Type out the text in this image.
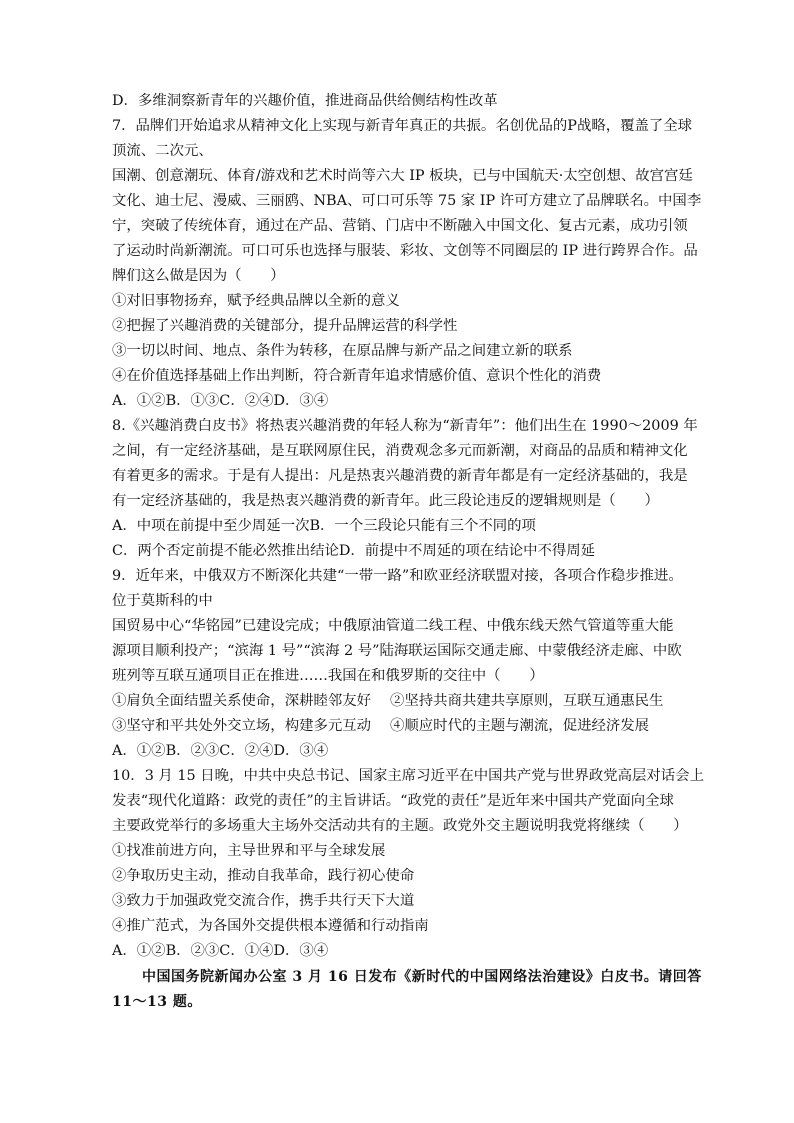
D．多维洞察新青年的兴趣价值，推进商品供给侧结构性改革
7．品牌们开始追求从精神文化上实现与新青年真正的共振。名创优品的P战略，覆盖了全球
顶流、二次元、
国潮、创意潮玩、体育/游戏和艺术时尚等六大 IP 板块，已与中国航天·太空创想、故宫宫廷
文化、迪士尼、漫威、三丽鸥、NBA、可口可乐等 75 家 IP 许可方建立了品牌联名。中国李
宁，突破了传统体育，通过在产品、营销、门店中不断融入中国文化、复古元素，成功引领
了运动时尚新潮流。可口可乐也选择与服装、彩妆、文创等不同圈层的 IP 进行跨界合作。品
牌们这么做是因为（　　）
①对旧事物扬弃，赋予经典品牌以全新的意义
②把握了兴趣消费的关键部分，提升品牌运营的科学性
③一切以时间、地点、条件为转移，在原品牌与新产品之间建立新的联系
④在价值选择基础上作出判断，符合新青年追求情感价值、意识个性化的消费
A．①②B．①③C．②④D．③④
8.《兴趣消费白皮书》将热衷兴趣消费的年轻人称为“新青年”：他们出生在 1990～2009 年
之间，有一定经济基础，是互联网原住民，消费观念多元而新潮，对商品的品质和精神文化
有着更多的需求。于是有人提出：凡是热衷兴趣消费的新青年都是有一定经济基础的，我是
有一定经济基础的，我是热衷兴趣消费的新青年。此三段论违反的逻辑规则是（　　）
A．中项在前提中至少周延一次B．一个三段论只能有三个不同的项
C．两个否定前提不能必然推出结论D．前提中不周延的项在结论中不得周延
9．近年来，中俄双方不断深化共建“一带一路”和欧亚经济联盟对接，各项合作稳步推进。
位于莫斯科的中
国贸易中心“华铭园”已建设完成；中俄原油管道二线工程、中俄东线天然气管道等重大能
源项目顺利投产；“滨海 1 号”“滨海 2 号”陆海联运国际交通走廊、中蒙俄经济走廊、中欧
班列等互联互通项目正在推进……我国在和俄罗斯的交往中（　　）
①肩负全面结盟关系使命，深耕睦邻友好 ②坚持共商共建共享原则，互联互通惠民生
③坚守和平共处外交立场，构建多元互动 ④顺应时代的主题与潮流，促进经济发展
A．①②B．②③C．②④D．③④
10．3 月 15 日晚，中共中央总书记、国家主席习近平在中国共产党与世界政党高层对话会上
发表“现代化道路：政党的责任”的主旨讲话。“政党的责任”是近年来中国共产党面向全球
主要政党举行的多场重大主场外交活动共有的主题。政党外交主题说明我党将继续（　　）
①找准前进方向，主导世界和平与全球发展
②争取历史主动，推动自我革命，践行初心使命
③致力于加强政党交流合作，携手共行天下大道
④推广范式，为各国外交提供根本遵循和行动指南
A．①②B．②③C．①④D．③④
中国国务院新闻办公室 3 月 16 日发布《新时代的中国网络法治建设》白皮书。请回答
11～13 题。
